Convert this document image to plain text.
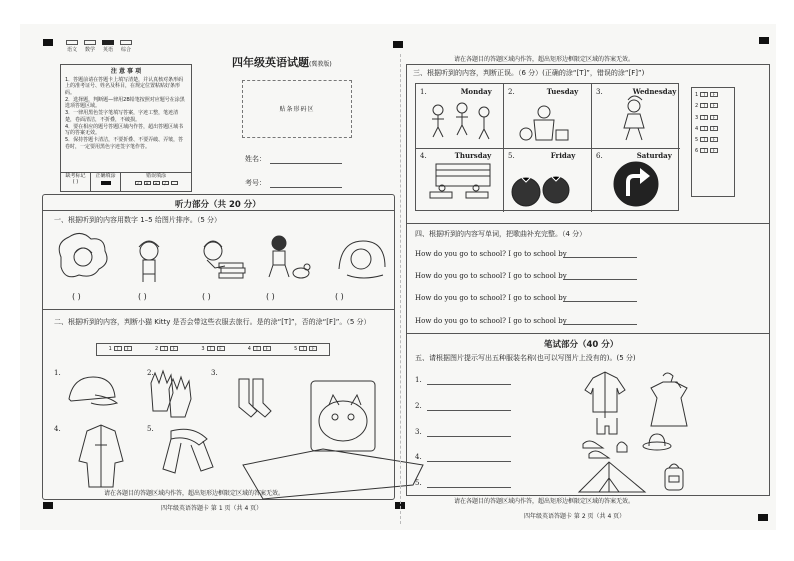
语文 数学 英语 综合
四年级英语试题(冀教版)
注 意 事 项
1．答题前请在答题卡上填写清楚，并认真核对条形码上的准考证号、姓名及科目，在规定位置粘贴好条形码。
2．选择题，判断题—律用2B铅笔按照对应题号在涂黑选项答题区域。
3．一律用黑色签字笔填写答案，字迹工整，笔迹清楚，卷面清洁，不折叠，不破损。
4．要在相应的题号答题区域内作答，超出答题区域书写的答案无效。
5．保持答题卡清洁，不要折叠、不要弄破、弄皱，答卷时，一定要用黑色字迹签字笔作答。
缺考标记
( )
正确填涂	错误填涂
✓	✕	•	/
贴条形码区
姓名：
考号：
听力部分（共 20 分）
一、根据听到的内容用数字 1–5 给图片排序。（5 分）
( )	( )	( )	( )	( )
二、根据听到的内容，判断小猫 Kitty 是否会带这些衣服去旅行。是的涂“[T]”，否的涂“[F]”。（5 分）
1 T F	2 T F	3 T F	4 T F	5 T F
1.	2.	3.
4.	5.
请在各题目的答题区域内作答，超出矩形边框限定区域的答案无效。
四年级英语答题卡 第 1 页（共 4 页）
请在各题目的答题区域内作答，超出矩形边框限定区域的答案无效。
三、根据听到的内容，判断正误。（6 分）(正确的涂“[T]”，错误的涂“[F]”)
1.	Monday 2.	Tuesday	3.	Wednesday
4.	Thursday 5.	Friday	6.	Saturday
1 T F
2 T F
3 T F
4 T F
5 T F
6 T F
四、根据听到的内容写单词，把歌曲补充完整。（4 分）
How do you go to school? I go to school by
How do you go to school? I go to school by
How do you go to school? I go to school by
How do you go to school? I go to school by
笔试部分（40 分）
五、请根据图片提示写出五种服装名称(也可以写图片上没有的)。(5 分)
1.
2.
3.
4.
5.
请在各题目的答题区域内作答，超出矩形边框限定区域的答案无效。
四年级英语答题卡 第 2 页（共 4 页）
